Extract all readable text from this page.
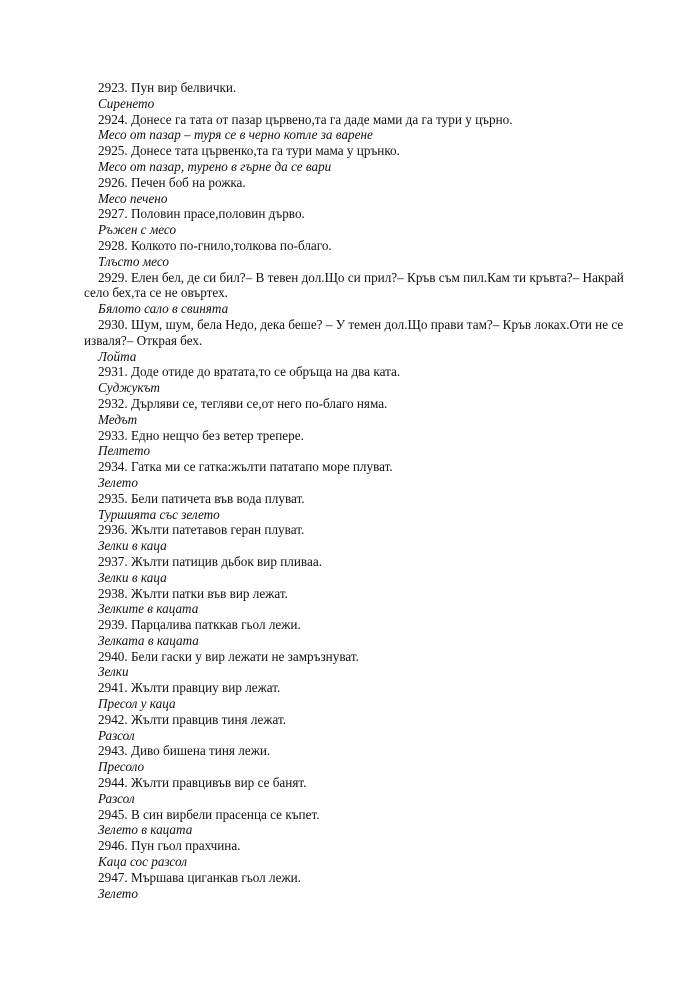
2923. Пун вир белвички.

Сиренето

2924. Донесе га тата от пазар цървено,та га даде мами да га тури у църно.

Месо от пазар – туря се в черно котле за варене

2925. Донесе тата цървенко,та га тури мама у црънко.

Месо от пазар, турено в гърне да се вари

2926. Печен боб на рожка.

Месо печено

2927. Половин прасе,половин дърво.

Ръжен с месо

2928. Колкото по-гнило,толкова по-благо.

Тлъсто месо

2929. Елен бел, де си бил?– В тевен дол.Що си прил?– Кръв съм пил.Кам ти кръвта?– Накрай село бех,та се не овъртех.

Бялото сало в свинята

2930. Шум, шум, бела Недо, дека беше? – У темен дол.Що прави там?– Кръв локах.Оти не се изваля?– Открая бех.

Лойта

2931. Доде отиде до вратата,то се обръща на два ката.

Суджукът

2932. Дърляви се, тегляви се,от него по-благо няма.

Медът

2933. Едно нещчо без ветер трепере.

Пелтето

2934. Гатка ми се гатка:жълти пататапо море плуват.

Зелето

2935. Бели патичета във вода плуват.

Туршията със зелето

2936. Жълти патетавов геран плуват.

Зелки в каца

2937. Жълти патицив дьбок вир пливаа.

Зелки в каца

2938. Жълти патки във вир лежат.

Зелките в кацата

2939. Парцалива патккав гьол лежи.

Зелката в кацата

2940. Бели гаски у вир лежати не замръзнуват.

Зелки

2941. Жълти правциу вир лежат.

Пресол у каца

2942. Жълти правцив тиня лежат.

Разсол

2943. Диво бишена тиня лежи.

Пресоло

2944. Жълти правцивъв вир се банят.

Разсол

2945. В син вирбели прасенца се къпет.

Зелето в кацата

2946. Пун гьол прахчина.

Каца сос разсол

2947. Мършава циганкав гьол лежи.

Зелето
